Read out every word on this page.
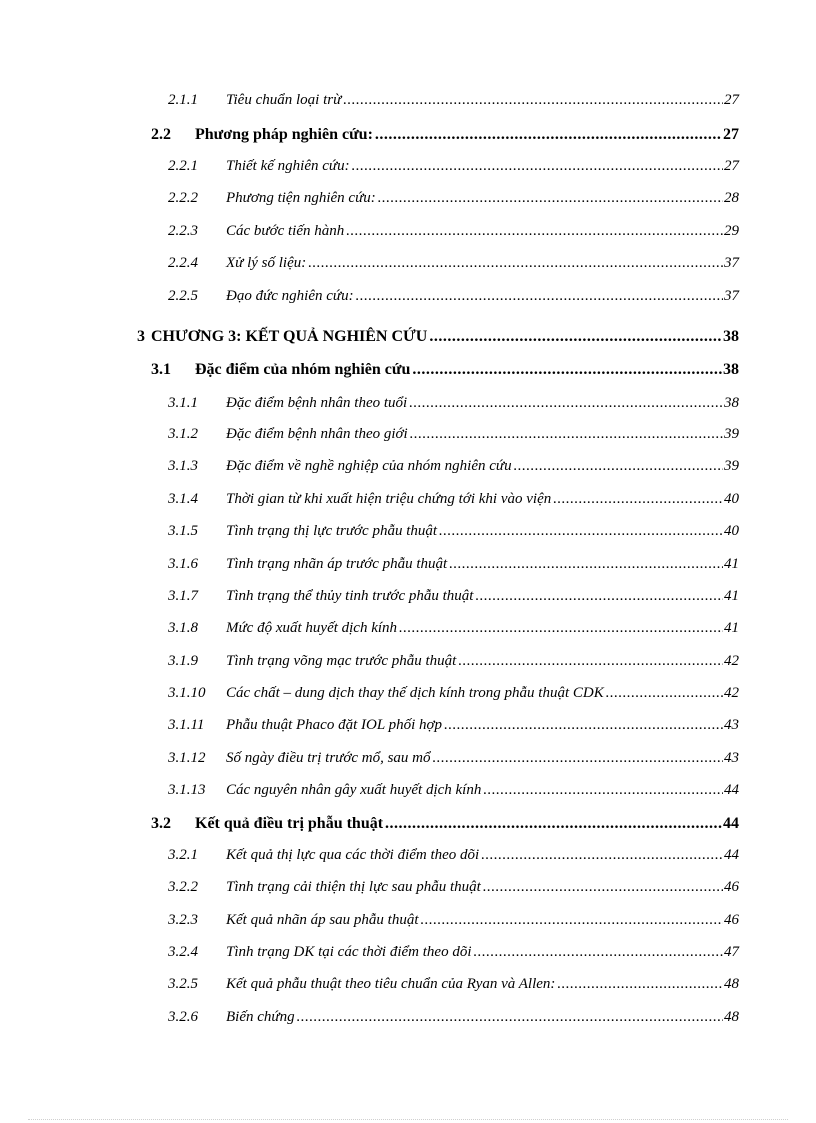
2.1.1	Tiêu chuẩn loại trừ .....	27
2.2	Phương pháp nghiên cứu: .....	27
2.2.1	Thiết kế nghiên cứu: .....	27
2.2.2	Phương tiện nghiên cứu: .....	28
2.2.3	Các bước tiến hành .....	29
2.2.4	Xử lý số liệu: .....	37
2.2.5	Đạo đức nghiên cứu: .....	37
3 CHƯƠNG 3: KẾT QUẢ NGHIÊN CỨU .....	38
3.1	Đặc điểm của nhóm nghiên cứu .....	38
3.1.1	Đặc điểm bệnh nhân theo tuổi .....	38
3.1.2	Đặc điểm bệnh nhân theo giới .....	39
3.1.3	Đặc điểm về nghề nghiệp của nhóm nghiên cứu .....	39
3.1.4	Thời gian từ khi xuất hiện triệu chứng tới khi vào viện .....	40
3.1.5	Tình trạng thị lực trước phẫu thuật .....	40
3.1.6	Tình trạng nhãn áp trước phẫu thuật .....	41
3.1.7	Tình trạng thể thủy tinh trước phẫu thuật .....	41
3.1.8	Mức độ xuất huyết dịch kính .....	41
3.1.9	Tình trạng võng mạc trước phẫu thuật .....	42
3.1.10	Các chất – dung dịch thay thế dịch kính trong phẫu thuật CDK .....	42
3.1.11	Phẫu thuật Phaco đặt IOL phối hợp .....	43
3.1.12	Số ngày điều trị trước mổ, sau mổ .....	43
3.1.13	Các nguyên nhân gây xuất huyết dịch kính .....	44
3.2	Kết quả điều trị phẫu thuật .....	44
3.2.1	Kết quả thị lực qua các thời điểm theo dõi .....	44
3.2.2	Tình trạng cải thiện thị lực sau phẫu thuật .....	46
3.2.3	Kết quả nhãn áp sau phẫu thuật .....	46
3.2.4	Tình trạng DK tại các thời điểm theo dõi .....	47
3.2.5	Kết quả phẫu thuật theo tiêu chuẩn của Ryan và Allen: .....	48
3.2.6	Biến chứng .....	48
